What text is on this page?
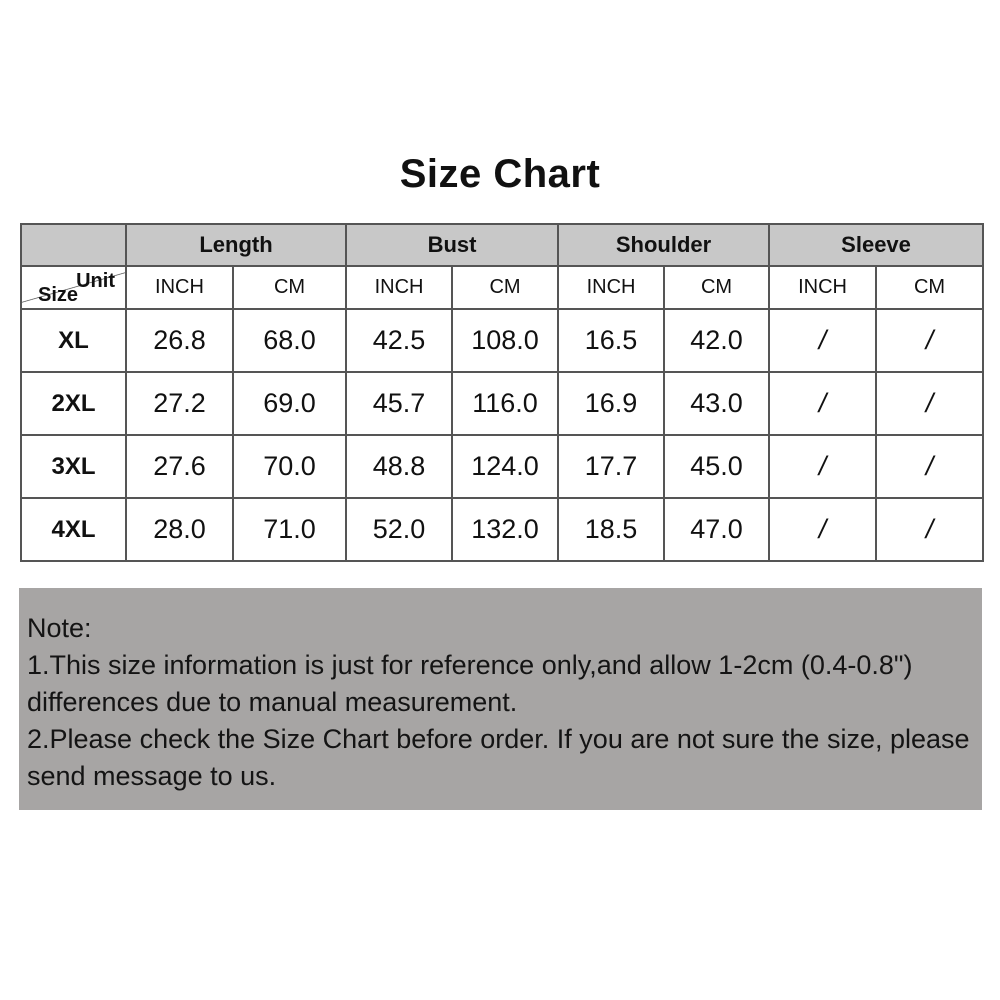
Size Chart
	Length		Bust		Shoulder		Sleeve	

Unit
Size	INCH	CM	INCH	CM	INCH	CM	INCH	CM
XL	26.8	68.0	42.5	108.0	16.5	42.0	/	/
2XL	27.2	69.0	45.7	116.0	16.9	43.0	/	/
3XL	27.6	70.0	48.8	124.0	17.7	45.0	/	/
4XL	28.0	71.0	52.0	132.0	18.5	47.0	/	/
Note:
1.This size information is just for reference only,and allow 1-2cm (0.4-0.8") differences due to manual measurement.
2.Please check the Size Chart before order. If you are not sure the size, please send message to us.
